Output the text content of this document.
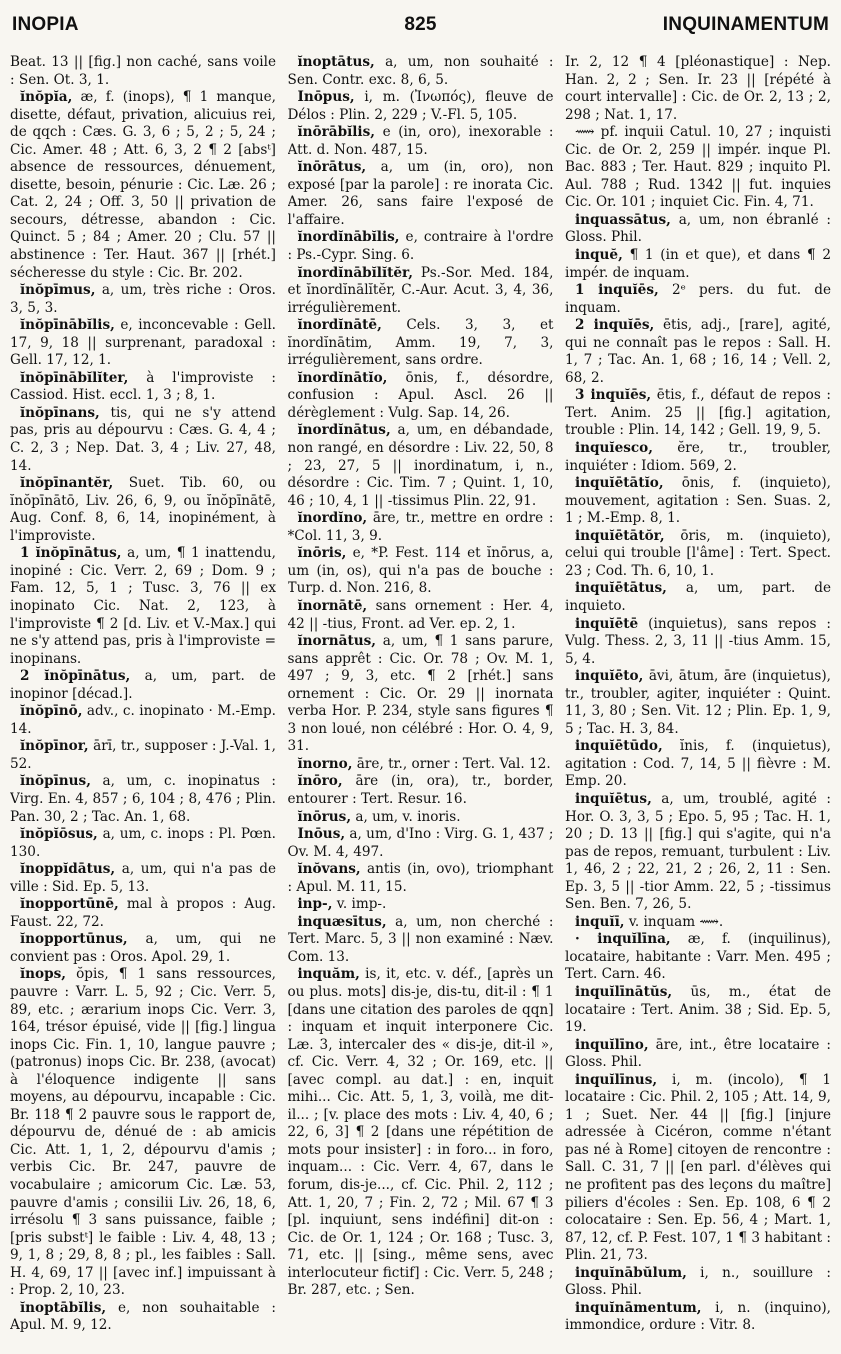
INOPIA	825	INQUINAMENTUM

Beat. 13 || [fig.] non caché, sans voile : Sen. Ot. 3, 1.

ĭnŏpĭa, æ, f. (inops), ¶ 1 manque, disette, défaut, privation, alicuius rei, de qqch : Cæs. G. 3, 6 ; 5, 2 ; 5, 24 ; Cic. Amer. 48 ; Att. 6, 3, 2 ¶ 2 [absᵗ] absence de ressources, dénuement, disette, besoin, pénurie : Cic. Læ. 26 ; Cat. 2, 24 ; Off. 3, 50 || privation de secours, détresse, abandon : Cic. Quinct. 5 ; 84 ; Amer. 20 ; Clu. 57 || abstinence : Ter. Haut. 367 || [rhét.] sécheresse du style : Cic. Br. 202.

ĭnŏpīmus, a, um, très riche : Oros. 3, 5, 3.

ĭnŏpīnābĭlis, e, inconcevable : Gell. 17, 9, 18 || surprenant, paradoxal : Gell. 17, 12, 1.

ĭnŏpīnābĭlĭter, à l'improviste : Cassiod. Hist. eccl. 1, 3 ; 8, 1.

ĭnŏpīnans, tis, qui ne s'y attend pas, pris au dépourvu : Cæs. G. 4, 4 ; C. 2, 3 ; Nep. Dat. 3, 4 ; Liv. 27, 48, 14.

ĭnŏpīnantĕr, Suet. Tib. 60, ou ĭnŏpīnātō, Liv. 26, 6, 9, ou ĭnŏpīnātē, Aug. Conf. 8, 6, 14, inopinément, à l'improviste.

1 ĭnŏpīnātus, a, um, ¶ 1 inattendu, inopiné : Cic. Verr. 2, 69 ; Dom. 9 ; Fam. 12, 5, 1 ; Tusc. 3, 76 || ex inopinato Cic. Nat. 2, 123, à l'improviste ¶ 2 [d. Liv. et V.-Max.] qui ne s'y attend pas, pris à l'improviste = inopinans.

2 ĭnŏpīnātus, a, um, part. de inopinor [décad.].

ĭnŏpīnō, adv., c. inopinato · M.-Emp. 14.

ĭnŏpīnor, ārī, tr., supposer : J.-Val. 1, 52.

ĭnŏpīnus, a, um, c. inopinatus : Virg. En. 4, 857 ; 6, 104 ; 8, 476 ; Plin. Pan. 30, 2 ; Tac. An. 1, 68.

ĭnŏpĭōsus, a, um, c. inops : Pl. Pœn. 130.

ĭnoppĭdātus, a, um, qui n'a pas de ville : Sid. Ep. 5, 13.

ĭnopportūnē, mal à propos : Aug. Faust. 22, 72.

ĭnopportūnus, a, um, qui ne convient pas : Oros. Apol. 29, 1.

ĭnops, ŏpis, ¶ 1 sans ressources, pauvre : Varr. L. 5, 92 ; Cic. Verr. 5, 89, etc. ; ærarium inops Cic. Verr. 3, 164, trésor épuisé, vide || [fig.] lingua inops Cic. Fin. 1, 10, langue pauvre ; (patronus) inops Cic. Br. 238, (avocat) à l'éloquence indigente || sans moyens, au dépourvu, incapable : Cic. Br. 118 ¶ 2 pauvre sous le rapport de, dépourvu de, dénué de : ab amicis Cic. Att. 1, 1, 2, dépourvu d'amis ; verbis Cic. Br. 247, pauvre de vocabulaire ; amicorum Cic. Læ. 53, pauvre d'amis ; consilii Liv. 26, 18, 6, irrésolu ¶ 3 sans puissance, faible ; [pris substᵗ] le faible : Liv. 4, 48, 13 ; 9, 1, 8 ; 29, 8, 8 ; pl., les faibles : Sall. H. 4, 69, 17 || [avec inf.] impuissant à : Prop. 2, 10, 23.

ĭnoptābĭlis, e, non souhaitable : Apul. M. 9, 12.

ĭnoptātus, a, um, non souhaité : Sen. Contr. exc. 8, 6, 5.

Inōpus, i, m. (Ἰνωπός), fleuve de Délos : Plin. 2, 229 ; V.-Fl. 5, 105.

ĭnōrābĭlis, e (in, oro), inexorable : Att. d. Non. 487, 15.

ĭnōrātus, a, um (in, oro), non exposé [par la parole] : re inorata Cic. Amer. 26, sans faire l'exposé de l'affaire.

ĭnordĭnābĭlis, e, contraire à l'ordre : Ps.-Cypr. Sing. 6.

ĭnordĭnābĭlĭtĕr, Ps.-Sor. Med. 184, et ĭnordĭnālĭtĕr, C.-Aur. Acut. 3, 4, 36, irrégulièrement.

ĭnordĭnātē, Cels. 3, 3, et ĭnordĭnātim, Amm. 19, 7, 3, irrégulièrement, sans ordre.

ĭnordĭnātĭo, ōnis, f., désordre, confusion : Apul. Ascl. 26 || dérèglement : Vulg. Sap. 14, 26.

ĭnordĭnātus, a, um, en débandade, non rangé, en désordre : Liv. 22, 50, 8 ; 23, 27, 5 || inordinatum, i, n., désordre : Cic. Tim. 7 ; Quint. 1, 10, 46 ; 10, 4, 1 || -tissimus Plin. 22, 91.

ĭnordĭno, āre, tr., mettre en ordre : *Col. 11, 3, 9.

ĭnōris, e, *P. Fest. 114 et ĭnōrus, a, um (in, os), qui n'a pas de bouche : Turp. d. Non. 216, 8.

ĭnornātē, sans ornement : Her. 4, 42 || -tius, Front. ad Ver. ep. 2, 1.

ĭnornātus, a, um, ¶ 1 sans parure, sans apprêt : Cic. Or. 78 ; Ov. M. 1, 497 ; 9, 3, etc. ¶ 2 [rhét.] sans ornement : Cic. Or. 29 || inornata verba Hor. P. 234, style sans figures ¶ 3 non loué, non célébré : Hor. O. 4, 9, 31.

ĭnorno, āre, tr., orner : Tert. Val. 12.

ĭnōro, āre (in, ora), tr., border, entourer : Tert. Resur. 16.

ĭnōrus, a, um, v. inoris.

Inōus, a, um, d'Ino : Virg. G. 1, 437 ; Ov. M. 4, 497.

ĭnŏvans, antis (in, ovo), triomphant : Apul. M. 11, 15.

inp-, v. imp-.

inquæsītus, a, um, non cherché : Tert. Marc. 5, 3 || non examiné : Næv. Com. 13.

inquăm, is, it, etc. v. déf., [après un ou plus. mots] dis-je, dis-tu, dit-il : ¶ 1 [dans une citation des paroles de qqn] : inquam et inquit interponere Cic. Læ. 3, intercaler des « dis-je, dit-il », cf. Cic. Verr. 4, 32 ; Or. 169, etc. || [avec compl. au dat.] : en, inquit mihi... Cic. Att. 5, 1, 3, voilà, me dit-il... ; [v. place des mots : Liv. 4, 40, 6 ; 22, 6, 3] ¶ 2 [dans une répétition de mots pour insister] : in foro... in foro, inquam... : Cic. Verr. 4, 67, dans le forum, dis-je..., cf. Cic. Phil. 2, 112 ; Att. 1, 20, 7 ; Fin. 2, 72 ; Mil. 67 ¶ 3 [pl. inquiunt, sens indéfini] dit-on : Cic. de Or. 1, 124 ; Or. 168 ; Tusc. 3, 71, etc. || [sing., même sens, avec interlocuteur fictif] : Cic. Verr. 5, 248 ; Br. 287, etc. ; Sen.

Ir. 2, 12 ¶ 4 [pléonastique] : Nep. Han. 2, 2 ; Sen. Ir. 23 || [répété à court intervalle] : Cic. de Or. 2, 13 ; 2, 298 ; Nat. 1, 17.

⟿ pf. inquii Catul. 10, 27 ; inquisti Cic. de Or. 2, 259 || impér. inque Pl. Bac. 883 ; Ter. Haut. 829 ; inquito Pl. Aul. 788 ; Rud. 1342 || fut. inquies Cic. Or. 101 ; inquiet Cic. Fin. 4, 71.

inquassātus, a, um, non ébranlé : Gloss. Phil.

inquĕ, ¶ 1 (in et que), et dans ¶ 2 impér. de inquam.

1 inquĭēs, 2ᵉ pers. du fut. de inquam.

2 inquĭēs, ētis, adj., [rare], agité, qui ne connaît pas le repos : Sall. H. 1, 7 ; Tac. An. 1, 68 ; 16, 14 ; Vell. 2, 68, 2.

3 inquĭēs, ētis, f., défaut de repos : Tert. Anim. 25 || [fig.] agitation, trouble : Plin. 14, 142 ; Gell. 19, 9, 5.

inquĭesco, ĕre, tr., troubler, inquiéter : Idiom. 569, 2.

inquĭētātĭo, ōnis, f. (inquieto), mouvement, agitation : Sen. Suas. 2, 1 ; M.-Emp. 8, 1.

inquĭētātŏr, ōris, m. (inquieto), celui qui trouble [l'âme] : Tert. Spect. 23 ; Cod. Th. 6, 10, 1.

inquĭētātus, a, um, part. de inquieto.

inquĭētē (inquietus), sans repos : Vulg. Thess. 2, 3, 11 || -tius Amm. 15, 5, 4.

inquĭēto, āvi, ātum, āre (inquietus), tr., troubler, agiter, inquiéter : Quint. 11, 3, 80 ; Sen. Vit. 12 ; Plin. Ep. 1, 9, 5 ; Tac. H. 3, 84.

inquĭētūdo, ĭnis, f. (inquietus), agitation : Cod. 7, 14, 5 || fièvre : M. Emp. 20.

inquĭētus, a, um, troublé, agité : Hor. O. 3, 3, 5 ; Epo. 5, 95 ; Tac. H. 1, 20 ; D. 13 || [fig.] qui s'agite, qui n'a pas de repos, remuant, turbulent : Liv. 1, 46, 2 ; 22, 21, 2 ; 26, 2, 11 : Sen. Ep. 3, 5 || -tior Amm. 22, 5 ; -tissimus Sen. Ben. 7, 26, 5.

inquĭī, v. inquam ⟿.

· inquĭlīna, æ, f. (inquilinus), locataire, habitante : Varr. Men. 495 ; Tert. Carn. 46.

inquĭlīnātŭs, ūs, m., état de locataire : Tert. Anim. 38 ; Sid. Ep. 5, 19.

inquĭlīno, āre, int., être locataire : Gloss. Phil.

inquĭlīnus, i, m. (incolo), ¶ 1 locataire : Cic. Phil. 2, 105 ; Att. 14, 9, 1 ; Suet. Ner. 44 || [fig.] [injure adressée à Cicéron, comme n'étant pas né à Rome] citoyen de rencontre : Sall. C. 31, 7 || [en parl. d'élèves qui ne profitent pas des leçons du maître] piliers d'écoles : Sen. Ep. 108, 6 ¶ 2 colocataire : Sen. Ep. 56, 4 ; Mart. 1, 87, 12, cf. P. Fest. 107, 1 ¶ 3 habitant : Plin. 21, 73.

inquĭnābŭlum, i, n., souillure : Gloss. Phil.

inquĭnāmentum, i, n. (inquino), immondice, ordure : Vitr. 8.
